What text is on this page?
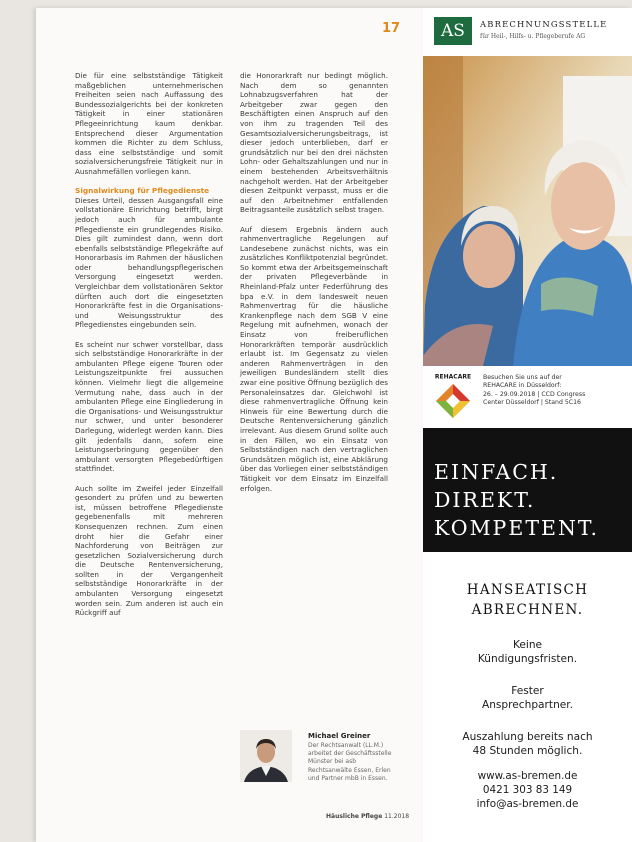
17

Die für eine selbstständige Tätigkeit maßgeblichen unternehmerischen Freiheiten seien nach Auffassung des Bundessozialgerichts bei der konkreten Tätigkeit in einer stationären Pflegeeinrichtung kaum denkbar. Entsprechend dieser Argumentation kommen die Richter zu dem Schluss, dass eine selbstständige und somit sozialversicherungsfreie Tätigkeit nur in Ausnahmefällen vorliegen kann.

Signalwirkung für Pflegedienste

Dieses Urteil, dessen Ausgangsfall eine vollstationäre Einrichtung betrifft, birgt jedoch auch für ambulante Pflegedienste ein grundlegendes Risiko. Dies gilt zumindest dann, wenn dort ebenfalls selbstständige Pflegekräfte auf Honorarbasis im Rahmen der häuslichen oder behandlungspflegerischen Versorgung eingesetzt werden. Vergleichbar dem vollstationären Sektor dürften auch dort die eingesetzten Honorarkräfte fest in die Organisations- und Weisungsstruktur des Pflegedienstes eingebunden sein.

Es scheint nur schwer vorstellbar, dass sich selbstständige Honorarkräfte in der ambulanten Pflege eigene Touren oder Leistungszeitpunkte frei aussuchen können. Vielmehr liegt die allgemeine Vermutung nahe, dass auch in der ambulanten Pflege eine Eingliederung in die Organisations- und Weisungsstruktur nur schwer, und unter besonderer Darlegung, widerlegt werden kann. Dies gilt jedenfalls dann, sofern eine Leistungserbringung gegenüber den ambulant versorgten Pflegebedürftigen stattfindet.

Auch sollte im Zweifel jeder Einzelfall gesondert zu prüfen und zu bewerten ist, müssen betroffene Pflegedienste gegebenenfalls mit mehreren Konsequenzen rechnen. Zum einen droht hier die Gefahr einer Nachforderung von Beiträgen zur gesetzlichen Sozialversicherung durch die Deutsche Rentenversicherung, sollten in der Vergangenheit selbstständige Honorarkräfte in der ambulanten Versorgung eingesetzt worden sein. Zum anderen ist auch ein Rückgriff auf

die Honorarkraft nur bedingt möglich. Nach dem so genannten Lohnabzugsverfahren hat der Arbeitgeber zwar gegen den Beschäftigten einen Anspruch auf den von ihm zu tragenden Teil des Gesamtsozialversicherungsbeitrags, ist dieser jedoch unterblieben, darf er grundsätzlich nur bei den drei nächsten Lohn- oder Gehaltszahlungen und nur in einem bestehenden Arbeitsverhältnis nachgeholt werden. Hat der Arbeitgeber diesen Zeitpunkt verpasst, muss er die auf den Arbeitnehmer entfallenden Beitragsanteile zusätzlich selbst tragen.

Auf diesem Ergebnis ändern auch rahmenvertragliche Regelungen auf Landesebene zunächst nichts, was ein zusätzliches Konfliktpotenzial begründet. So kommt etwa der Arbeitsgemeinschaft der privaten Pflegeverbände in Rheinland-Pfalz unter Federführung des bpa e.V. in dem landesweit neuen Rahmenvertrag für die häusliche Krankenpflege nach dem SGB V eine Regelung mit aufnehmen, wonach der Einsatz von freiberuflichen Honorarkräften temporär ausdrücklich erlaubt ist. Im Gegensatz zu vielen anderen Rahmenverträgen in den jeweiligen Bundesländern stellt dies zwar eine positive Öffnung bezüglich des Personaleinsatzes dar. Gleichwohl ist diese rahmenvertragliche Öffnung kein Hinweis für eine Bewertung durch die Deutsche Rentenversicherung gänzlich irrelevant. Aus diesem Grund sollte auch in den Fällen, wo ein Einsatz von Selbstständigen nach den vertraglichen Grundsätzen möglich ist, eine Abklärung über das Vorliegen einer selbstständigen Tätigkeit vor dem Einsatz im Einzelfall erfolgen.

Michael Greiner
Der Rechtsanwalt (LL.M.) arbeitet der Geschäftsstelle Münster bei asb Rechtsanwälte Essen, Erlen und Partner mbB in Essen.
Häusliche Pflege 11.2018
AS	ABRECHNUNGSSTELLE
für Heil-, Hilfs- u. Pflegeberufe AG
REHACARE Besuchen Sie uns auf der
REHACARE in Düsseldorf:
26. – 29.09.2018 | CCD Congress
Center Düsseldorf | Stand 5C16
EINFACH.
DIREKT.
KOMPETENT.
HANSEATISCH
ABRECHNEN.
Keine
Kündigungsfristen.
Fester
Ansprechpartner.
Auszahlung bereits nach
48 Stunden möglich.
www.as-bremen.de
0421 303 83 149
info@as-bremen.de
